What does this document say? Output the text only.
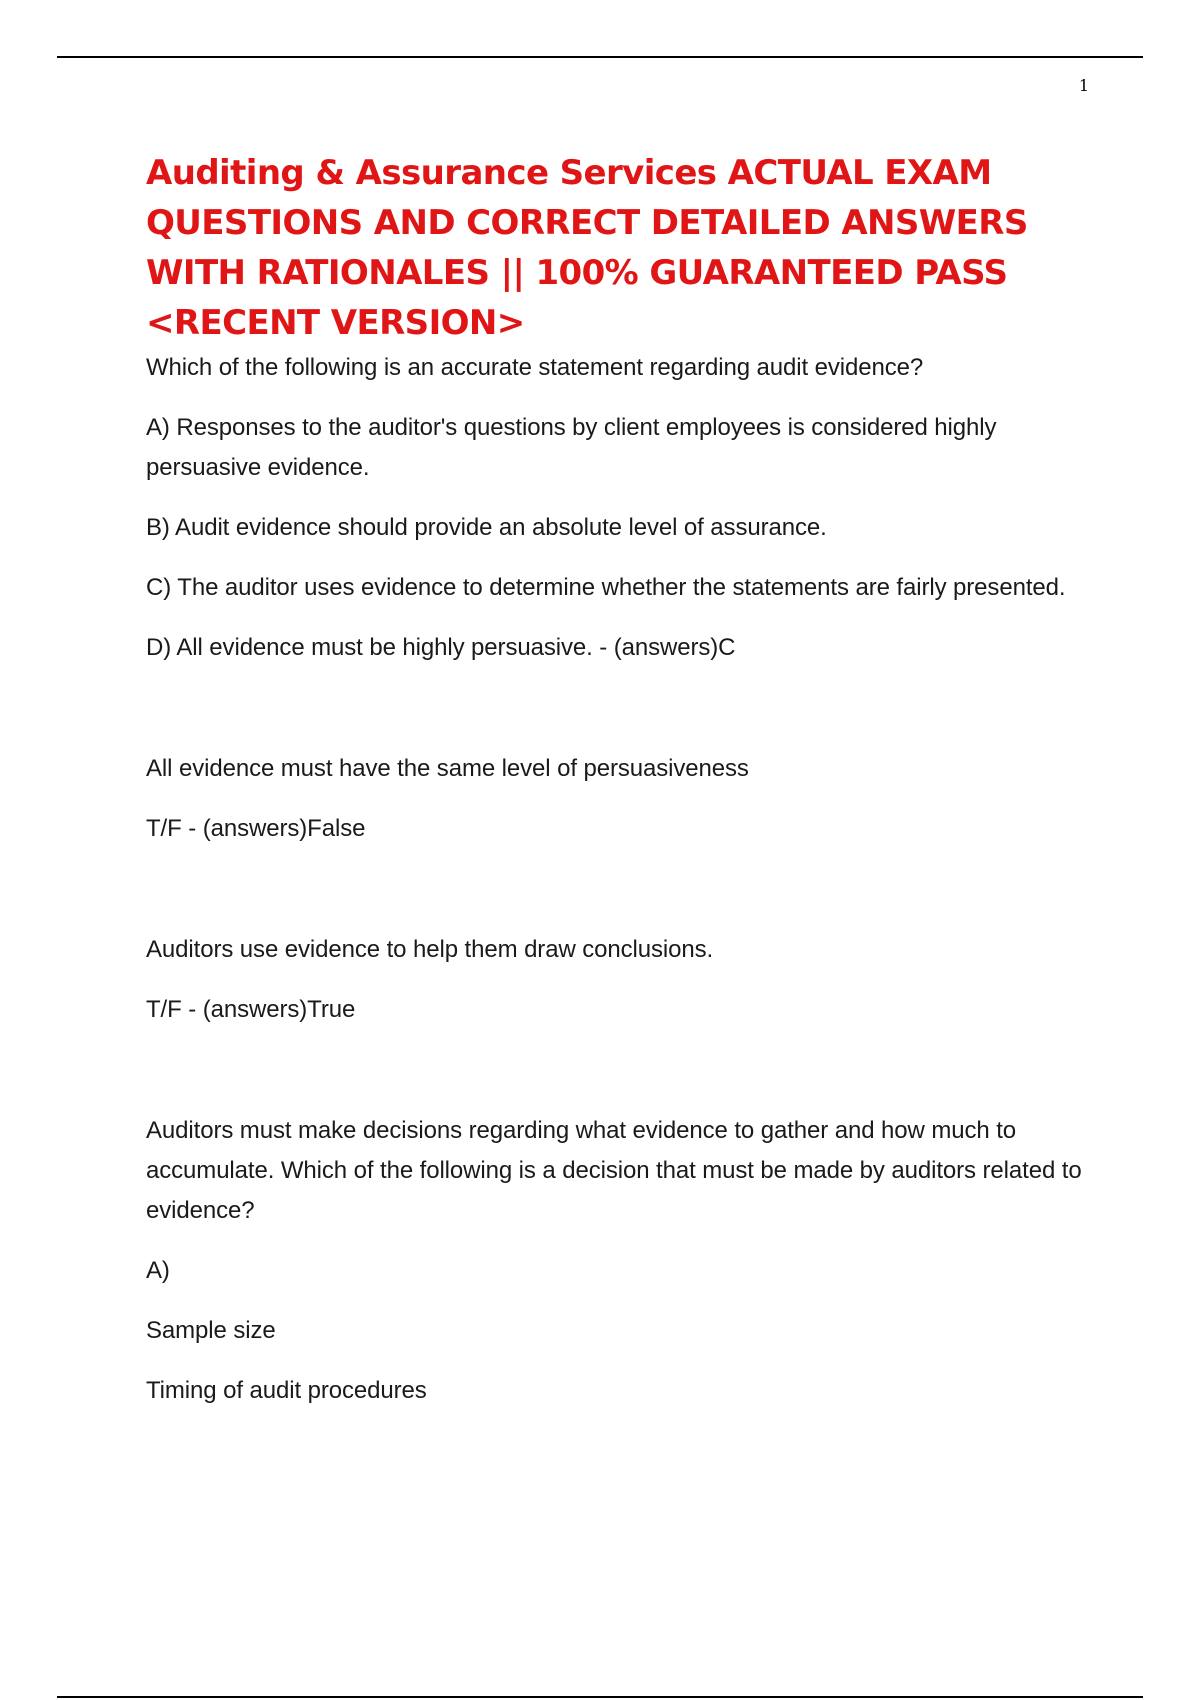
1
Auditing & Assurance Services ACTUAL EXAM QUESTIONS AND CORRECT DETAILED ANSWERS WITH RATIONALES || 100% GUARANTEED PASS <RECENT VERSION>

Which of the following is an accurate statement regarding audit evidence?

A) Responses to the auditor's questions by client employees is considered highly persuasive evidence.

B) Audit evidence should provide an absolute level of assurance.

C) The auditor uses evidence to determine whether the statements are fairly presented.

D) All evidence must be highly persuasive. - (answers)C

All evidence must have the same level of persuasiveness

T/F - (answers)False

Auditors use evidence to help them draw conclusions.

T/F - (answers)True

Auditors must make decisions regarding what evidence to gather and how much to accumulate. Which of the following is a decision that must be made by auditors related to evidence?

A)

Sample size

Timing of audit procedures
